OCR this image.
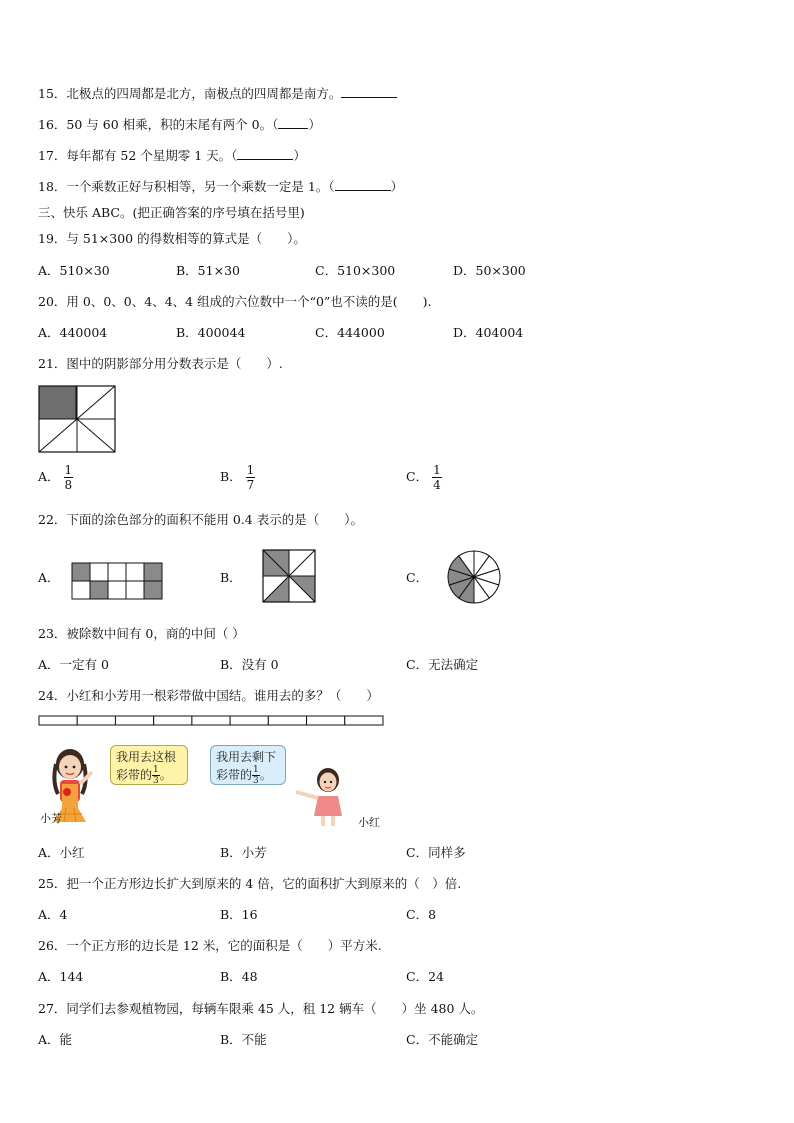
15．北极点的四周都是北方，南极点的四周都是南方。
16．50 与 60 相乘，积的末尾有两个 0。（ ）
17．每年都有 52 个星期零 1 天。（	）
18．一个乘数正好与积相等，另一个乘数一定是 1。（	）
三、快乐 ABC。(把正确答案的序号填在括号里)
19．与 51×300 的得数相等的算式是（　　）。
A．510×30	B．51×30	C．510×300	D．50×300
20．用 0、0、0、4、4、4 组成的六位数中一个“0”也不读的是(　　).
A．440004	B．400044	C．444000	D．404004
21．图中的阴影部分用分数表示是（　　）.
A． $\frac{1}{8}$	B． $\frac{1}{7}$	C． $\frac{1}{4}$
22．下面的涂色部分的面积不能用 0.4 表示的是（　　）。
A．	B．	C．
23．被除数中间有 0，商的中间（ ）
A．一定有 0	B．没有 0	C．无法确定
24．小红和小芳用一根彩带做中国结。谁用去的多？（　　）
我用去这根
彩带的 $\frac{1}{3}$ 。
小芳
我用去剩下
彩带的 $\frac{1}{3}$ 。
小红
A．小红	B．小芳	C．同样多
25．把一个正方形边长扩大到原来的 4 倍，它的面积扩大到原来的（　）倍.
A．4	B．16	C．8
26．一个正方形的边长是 12 米，它的面积是（　　）平方米.
A．144	B．48	C．24
27．同学们去参观植物园，每辆车限乘 45 人，租 12 辆车（　　）坐 480 人。
A．能	B．不能	C．不能确定
